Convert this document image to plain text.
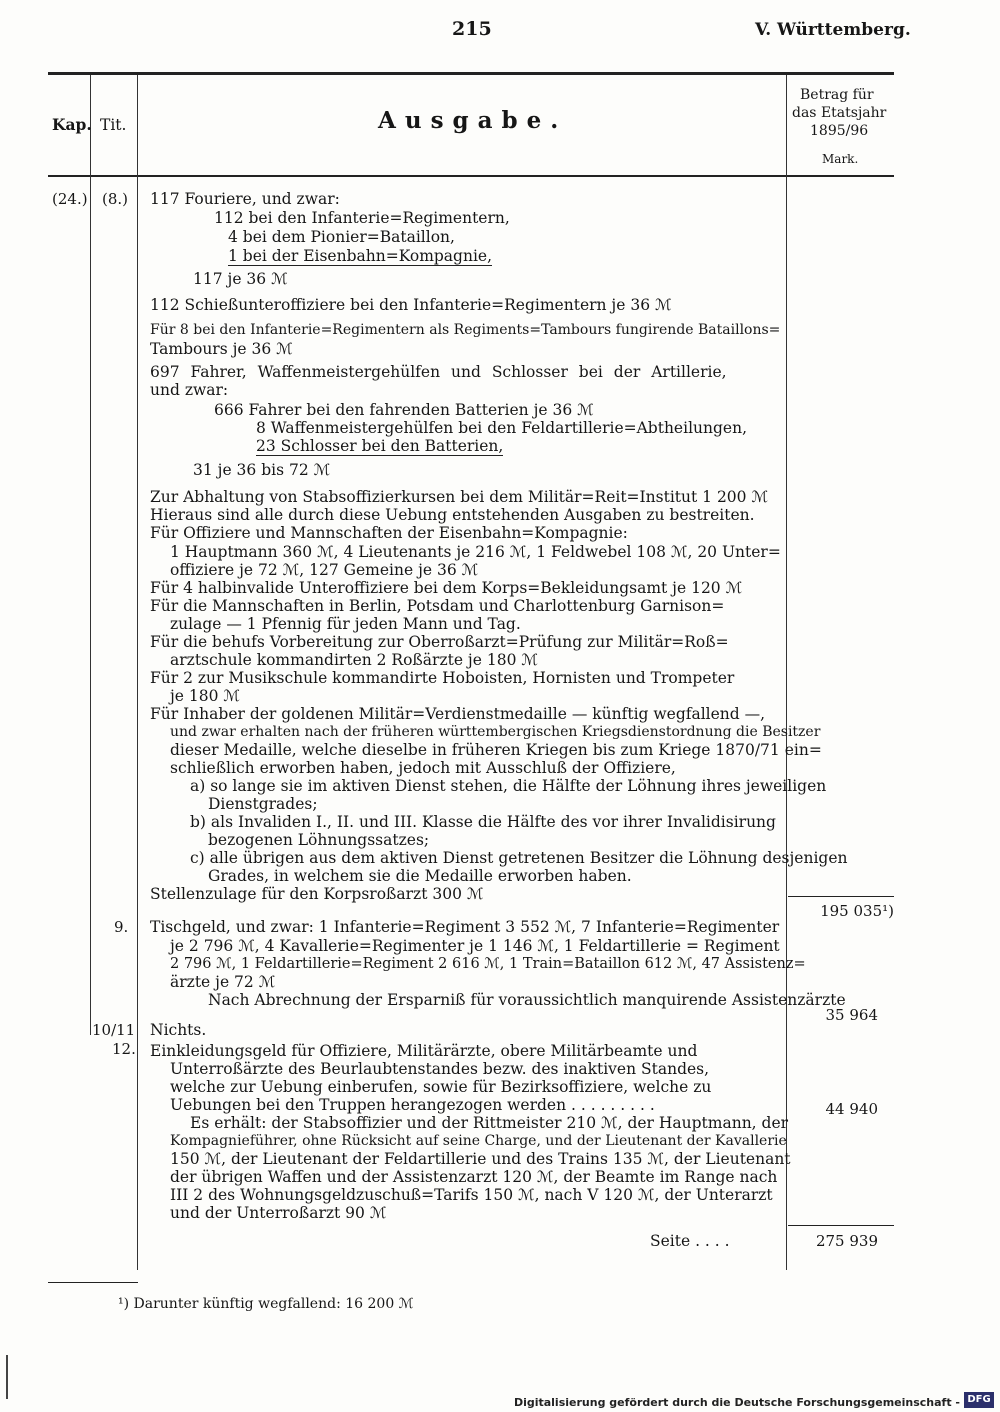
215	V. Württemberg.
Kap. Tit.	Ausgabe.
Betrag für
das Etatsjahr
1895/96
Mark.
(24.) (8.)
9.
10/11
12.
117 Fouriere, und zwar:
112 bei den Infanterie=Regimentern,
4 bei dem Pionier=Bataillon,
1 bei der Eisenbahn=Kompagnie,
117 je 36 ℳ
112 Schießunteroffiziere bei den Infanterie=Regimentern je 36 ℳ
Für 8 bei den Infanterie=Regimentern als Regiments=Tambours fungirende Bataillons=
Tambours je 36 ℳ
697 Fahrer, Waffenmeistergehülfen und Schlosser bei der Artillerie,
und zwar:
666 Fahrer bei den fahrenden Batterien je 36 ℳ
8 Waffenmeistergehülfen bei den Feldartillerie=Abtheilungen,
23 Schlosser bei den Batterien,
31 je 36 bis 72 ℳ
Zur Abhaltung von Stabsoffizierkursen bei dem Militär=Reit=Institut 1 200 ℳ
Hieraus sind alle durch diese Uebung entstehenden Ausgaben zu bestreiten.
Für Offiziere und Mannschaften der Eisenbahn=Kompagnie:
1 Hauptmann 360 ℳ, 4 Lieutenants je 216 ℳ, 1 Feldwebel 108 ℳ, 20 Unter=
offiziere je 72 ℳ, 127 Gemeine je 36 ℳ
Für 4 halbinvalide Unteroffiziere bei dem Korps=Bekleidungsamt je 120 ℳ
Für die Mannschaften in Berlin, Potsdam und Charlottenburg Garnison=
zulage — 1 Pfennig für jeden Mann und Tag.
Für die behufs Vorbereitung zur Oberroßarzt=Prüfung zur Militär=Roß=
arztschule kommandirten 2 Roßärzte je 180 ℳ
Für 2 zur Musikschule kommandirte Hoboisten, Hornisten und Trompeter
je 180 ℳ
Für Inhaber der goldenen Militär=Verdienstmedaille — künftig wegfallend —,
und zwar erhalten nach der früheren württembergischen Kriegsdienstordnung die Besitzer
dieser Medaille, welche dieselbe in früheren Kriegen bis zum Kriege 1870/71 ein=
schließlich erworben haben, jedoch mit Ausschluß der Offiziere,
a) so lange sie im aktiven Dienst stehen, die Hälfte der Löhnung ihres jeweiligen
Dienstgrades;
b) als Invaliden I., II. und III. Klasse die Hälfte des vor ihrer Invalidisirung
bezogenen Löhnungssatzes;
c) alle übrigen aus dem aktiven Dienst getretenen Besitzer die Löhnung desjenigen
Grades, in welchem sie die Medaille erworben haben.
Stellenzulage für den Korpsroßarzt 300 ℳ
Tischgeld, und zwar: 1 Infanterie=Regiment 3 552 ℳ, 7 Infanterie=Regimenter
je 2 796 ℳ, 4 Kavallerie=Regimenter je 1 146 ℳ, 1 Feldartillerie = Regiment
2 796 ℳ, 1 Feldartillerie=Regiment 2 616 ℳ, 1 Train=Bataillon 612 ℳ, 47 Assistenz=
ärzte je 72 ℳ
Nach Abrechnung der Ersparniß für voraussichtlich manquirende Assistenzärzte
Nichts.
Einkleidungsgeld für Offiziere, Militärärzte, obere Militärbeamte und
Unterroßärzte des Beurlaubtenstandes bezw. des inaktiven Standes,
welche zur Uebung einberufen, sowie für Bezirksoffiziere, welche zu
Uebungen bei den Truppen herangezogen werden . . . . . . . . .
Es erhält: der Stabsoffizier und der Rittmeister 210 ℳ, der Hauptmann, der
Kompagnieführer, ohne Rücksicht auf seine Charge, und der Lieutenant der Kavallerie
150 ℳ, der Lieutenant der Feldartillerie und des Trains 135 ℳ, der Lieutenant
der übrigen Waffen und der Assistenzarzt 120 ℳ, der Beamte im Range nach
III 2 des Wohnungsgeldzuschuß=Tarifs 150 ℳ, nach V 120 ℳ, der Unterarzt
und der Unterroßarzt 90 ℳ
Seite . . . .
195 035¹)
35 964
44 940
275 939
¹) Darunter künftig wegfallend: 16 200 ℳ
Digitalisierung gefördert durch die Deutsche Forschungsgemeinschaft - DFG
